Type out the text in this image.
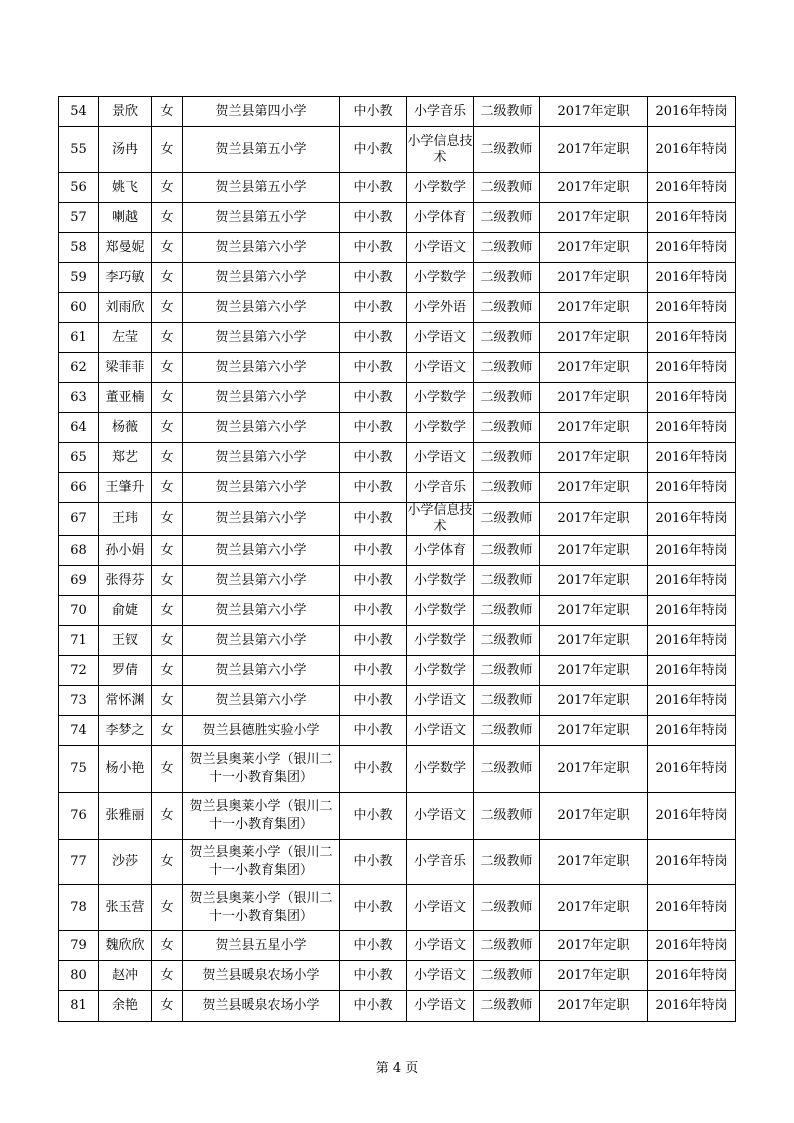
54	景欣	女	贺兰县第四小学	中小教	小学音乐	二级教师	2017年定职	2016年特岗
55	汤冉	女	贺兰县第五小学	中小教	小学信息技术	二级教师	2017年定职	2016年特岗
56	姚飞	女	贺兰县第五小学	中小教	小学数学	二级教师	2017年定职	2016年特岗
57	喇越	女	贺兰县第五小学	中小教	小学体育	二级教师	2017年定职	2016年特岗
58	郑曼妮	女	贺兰县第六小学	中小教	小学语文	二级教师	2017年定职	2016年特岗
59	李巧敏	女	贺兰县第六小学	中小教	小学数学	二级教师	2017年定职	2016年特岗
60	刘雨欣	女	贺兰县第六小学	中小教	小学外语	二级教师	2017年定职	2016年特岗
61	左莹	女	贺兰县第六小学	中小教	小学语文	二级教师	2017年定职	2016年特岗
62	梁菲菲	女	贺兰县第六小学	中小教	小学语文	二级教师	2017年定职	2016年特岗
63	董亚楠	女	贺兰县第六小学	中小教	小学数学	二级教师	2017年定职	2016年特岗
64	杨薇	女	贺兰县第六小学	中小教	小学数学	二级教师	2017年定职	2016年特岗
65	郑艺	女	贺兰县第六小学	中小教	小学语文	二级教师	2017年定职	2016年特岗
66	王肇升	女	贺兰县第六小学	中小教	小学音乐	二级教师	2017年定职	2016年特岗
67	王玮	女	贺兰县第六小学	中小教	小学信息技术	二级教师	2017年定职	2016年特岗
68	孙小娟	女	贺兰县第六小学	中小教	小学体育	二级教师	2017年定职	2016年特岗
69	张得芬	女	贺兰县第六小学	中小教	小学数学	二级教师	2017年定职	2016年特岗
70	俞婕	女	贺兰县第六小学	中小教	小学数学	二级教师	2017年定职	2016年特岗
71	王钗	女	贺兰县第六小学	中小教	小学数学	二级教师	2017年定职	2016年特岗
72	罗倩	女	贺兰县第六小学	中小教	小学数学	二级教师	2017年定职	2016年特岗
73	常怀渊	女	贺兰县第六小学	中小教	小学语文	二级教师	2017年定职	2016年特岗
74	李梦之	女	贺兰县德胜实验小学	中小教	小学语文	二级教师	2017年定职	2016年特岗
75	杨小艳	女	贺兰县奥莱小学（银川二十一小教育集团）	中小教	小学数学	二级教师	2017年定职	2016年特岗
76	张雅丽	女	贺兰县奥莱小学（银川二十一小教育集团）	中小教	小学语文	二级教师	2017年定职	2016年特岗
77	沙莎	女	贺兰县奥莱小学（银川二十一小教育集团）	中小教	小学音乐	二级教师	2017年定职	2016年特岗
78	张玉营	女	贺兰县奥莱小学（银川二十一小教育集团）	中小教	小学语文	二级教师	2017年定职	2016年特岗
79	魏欣欣	女	贺兰县五星小学	中小教	小学语文	二级教师	2017年定职	2016年特岗
80	赵冲	女	贺兰县暖泉农场小学	中小教	小学语文	二级教师	2017年定职	2016年特岗
81	余艳	女	贺兰县暖泉农场小学	中小教	小学语文	二级教师	2017年定职	2016年特岗
第 4 页
